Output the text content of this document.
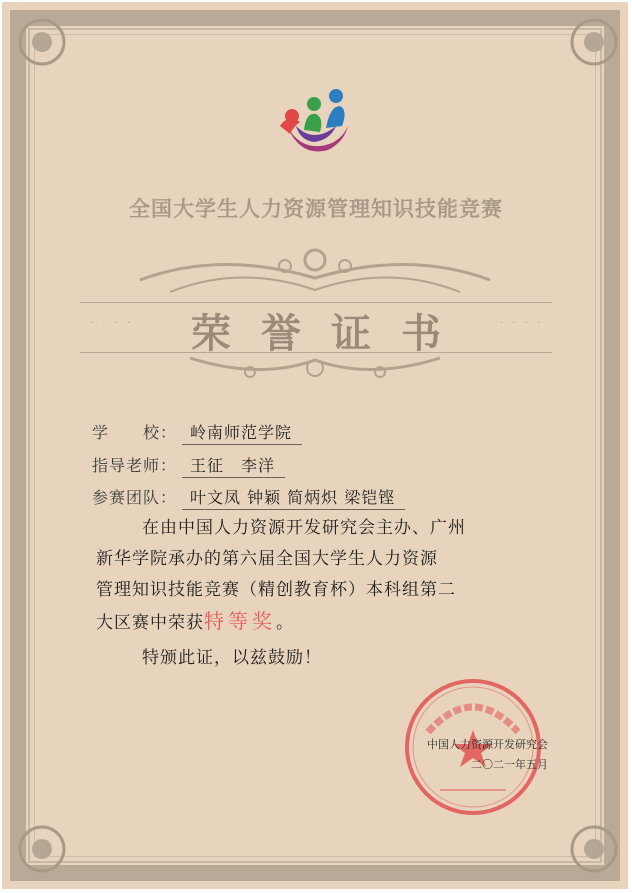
全国大学生人力资源管理知识技能竞赛
· · · ·	· · · ·
荣誉证书
学　　校： 岭南师范学院
指导老师： 王征　李洋
参赛团队： 叶文凤 钟颖 简炳炽 梁铠铿
在由中国人力资源开发研究会主办、广州
新华学院承办的第六届全国大学生人力资源
管理知识技能竞赛（精创教育杯）本科组第二
大区赛中荣获特等奖。
特颁此证，以兹鼓励！
中国人力资源开发研究会
二〇二一年五月
